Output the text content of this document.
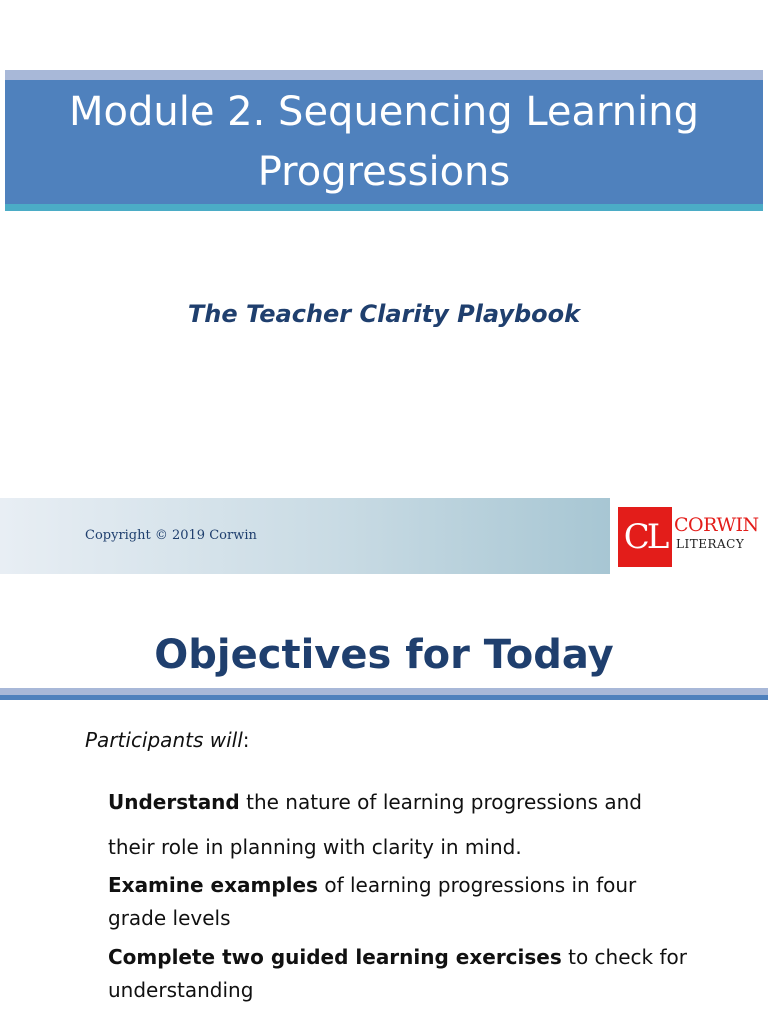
Module 2. Sequencing Learning
Progressions
The Teacher Clarity Playbook
Copyright © 2019 Corwin	CL CORWIN
LITERACY
Objectives for Today
Participants will:
Understand the nature of learning progressions and
their role in planning with clarity in mind.
Examine examples of learning progressions in four
grade levels
Complete two guided learning exercises to check for
understanding
